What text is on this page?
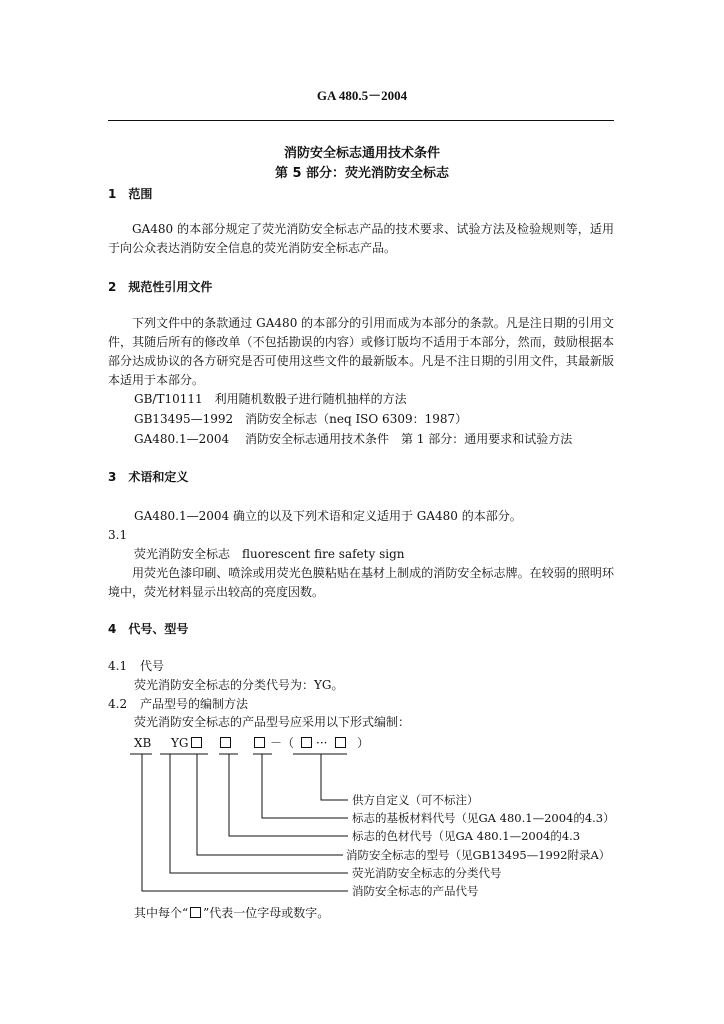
GA 480.5－2004
消防安全标志通用技术条件
第 5 部分：荧光消防安全标志
1　范围

GA480 的本部分规定了荧光消防安全标志产品的技术要求、试验方法及检验规则等，适用于向公众表达消防安全信息的荧光消防安全标志产品。

2　规范性引用文件

下列文件中的条款通过 GA480 的本部分的引用而成为本部分的条款。凡是注日期的引用文件，其随后所有的修改单（不包括勘误的内容）或修订版均不适用于本部分，然而，鼓励根据本部分达成协议的各方研究是否可使用这些文件的最新版本。凡是不注日期的引用文件，其最新版本适用于本部分。

GB/T10111　利用随机数骰子进行随机抽样的方法
GB13495—1992　消防安全标志（neq ISO 6309：1987）
GA480.1—2004　 消防安全标志通用技术条件　第 1 部分：通用要求和试验方法
3　术语和定义
GA480.1—2004 确立的以及下列术语和定义适用于 GA480 的本部分。
3.1
荧光消防安全标志　fluorescent fire safety sign

用荧光色漆印刷、喷涂或用荧光色膜粘贴在基材上制成的消防安全标志牌。在较弱的照明环境中，荧光材料显示出较高的亮度因数。

4　代号、型号
4.1 代号
荧光消防安全标志的分类代号为：YG。
4.2 产品型号的编制方法
荧光消防安全标志的产品型号应采用以下形式编制：
XB YG	－（ ··· ）
供方自定义（可不标注）
标志的基板材料代号（见GA 480.1—2004的4.3）
标志的色材代号（见GA 480.1—2004的4.3
消防安全标志的型号（见GB13495—1992附录A）
荧光消防安全标志的分类代号
消防安全标志的产品代号
其中每个“ ”代表一位字母或数字。
